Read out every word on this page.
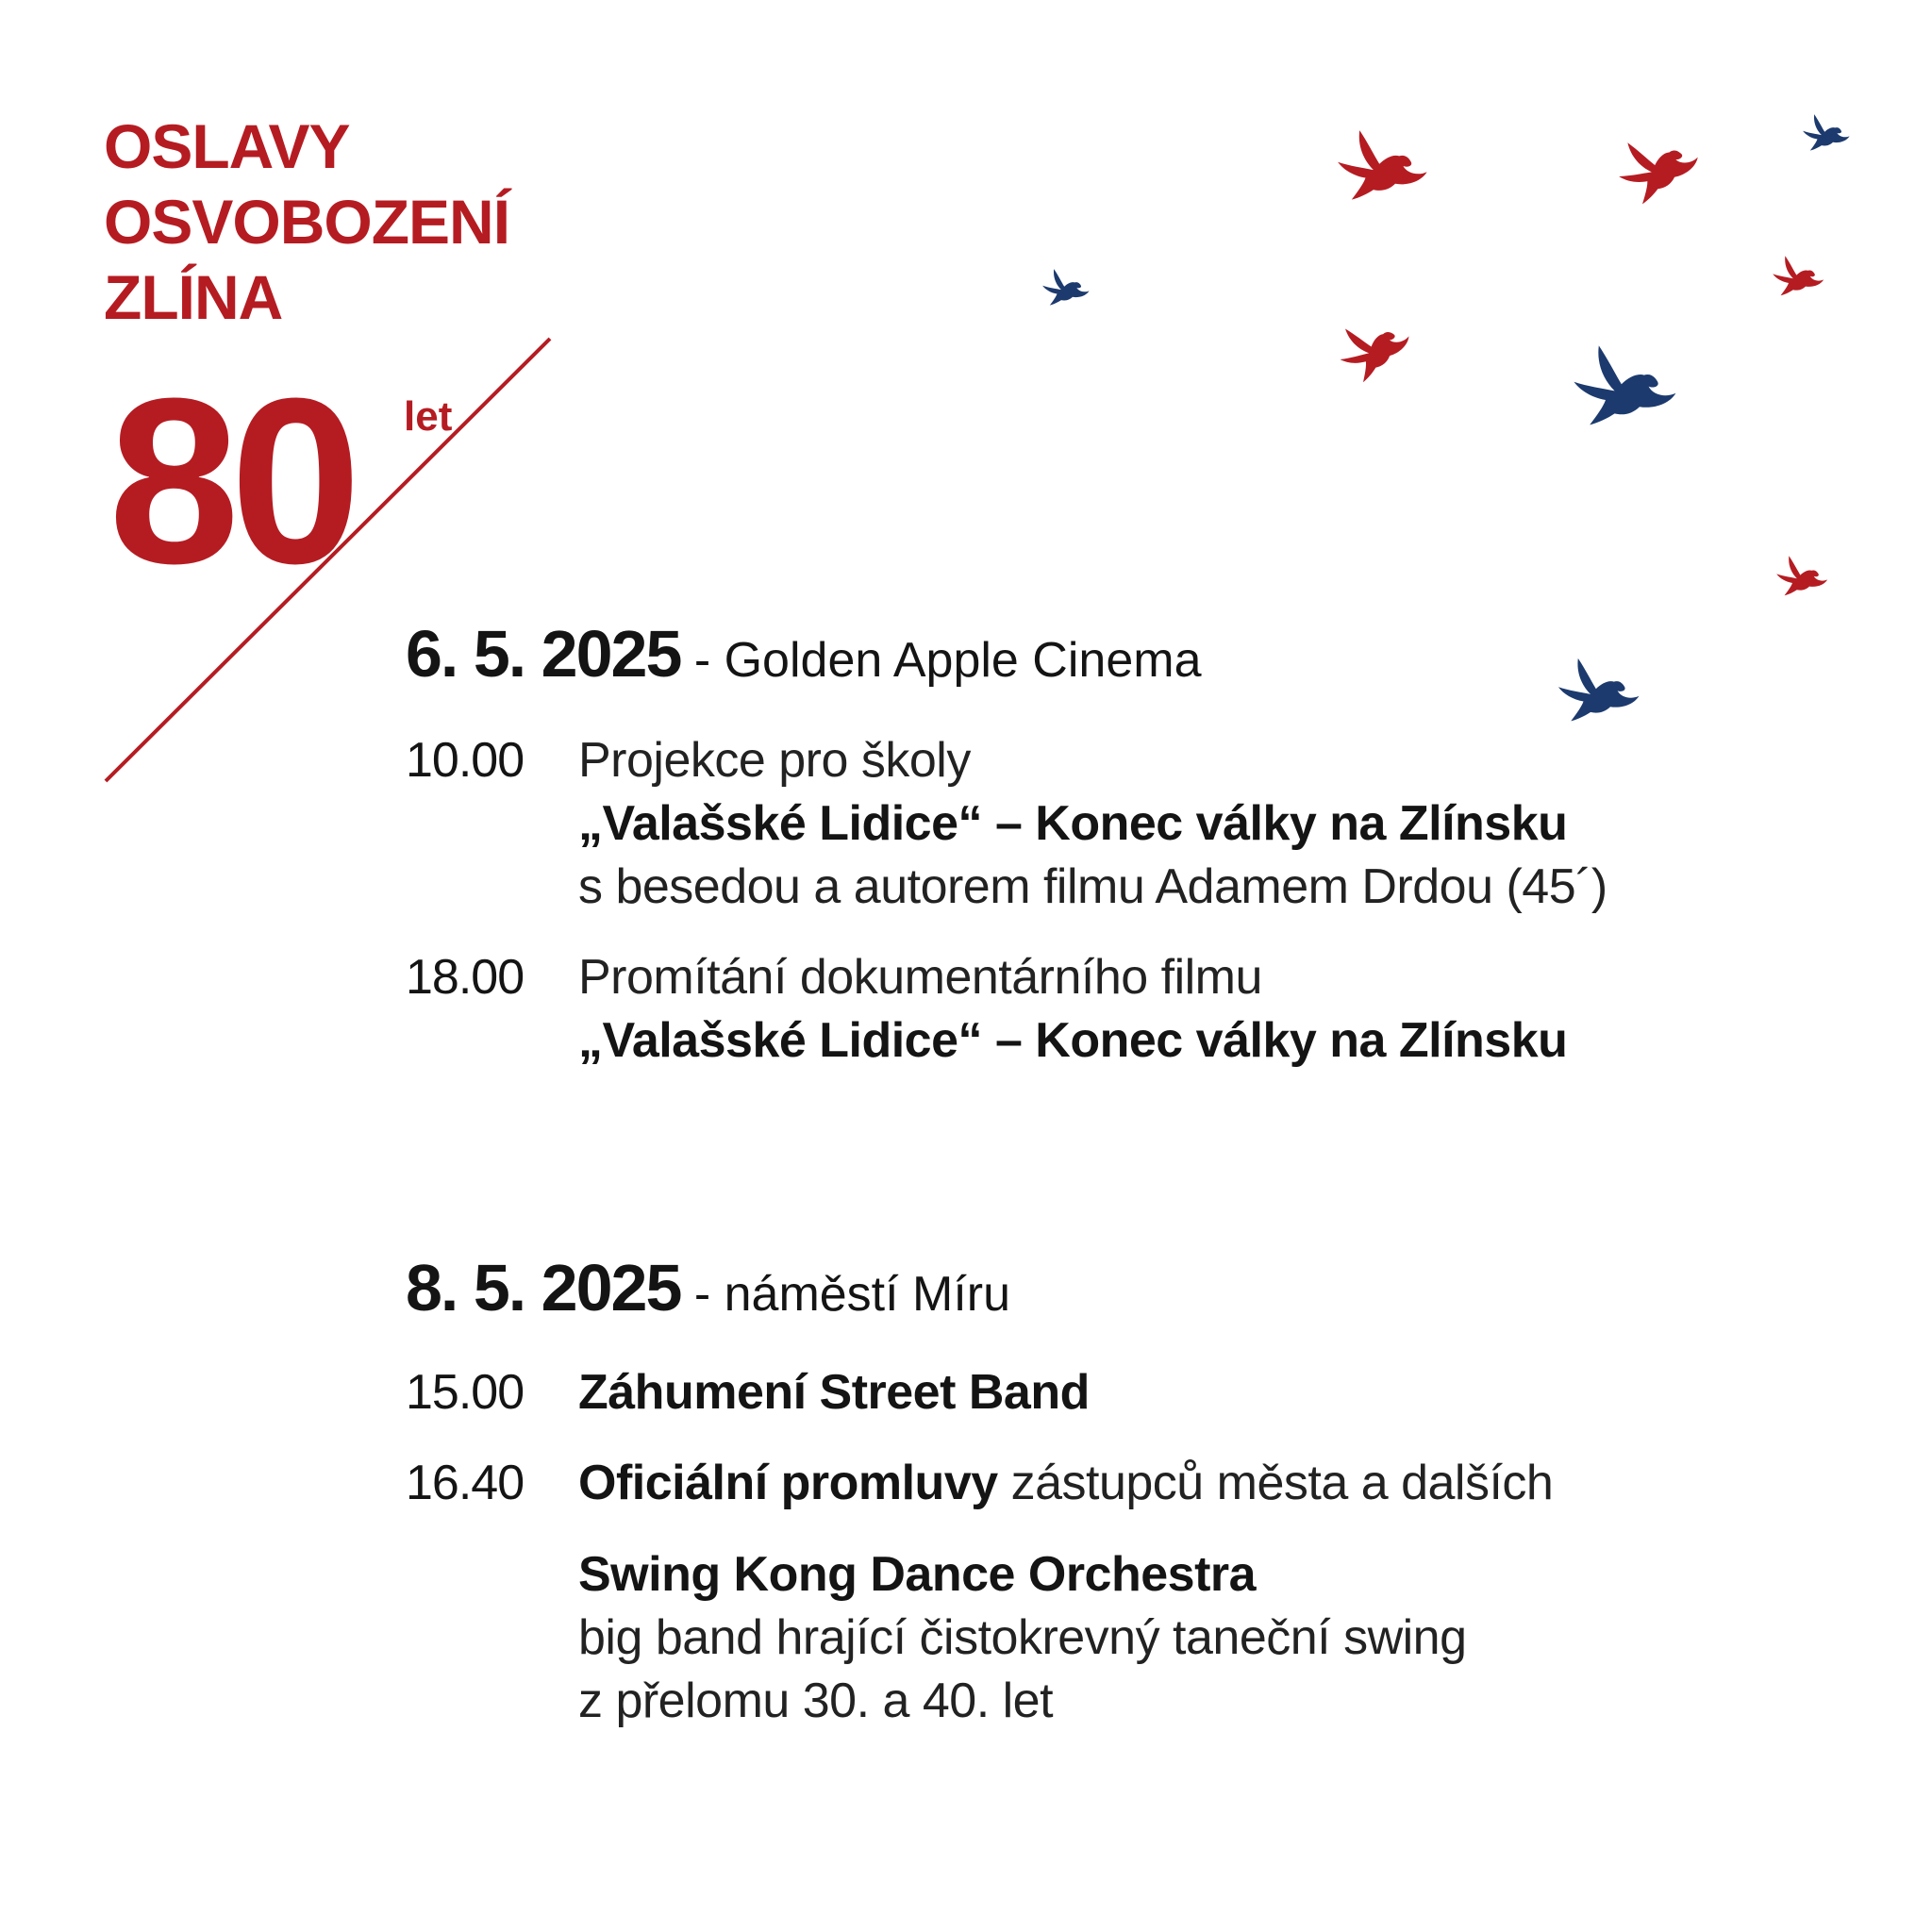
OSLAVY
OSVOBOZENÍ
ZLÍNA
80 let
6. 5. 2025 - Golden Apple Cinema
10.00 Projekce pro školy
„Valašské Lidice“ – Konec války na Zlínsku
s besedou a autorem filmu Adamem Drdou (45´)
18.00 Promítání dokumentárního filmu
„Valašské Lidice“ – Konec války na Zlínsku
8. 5. 2025 - náměstí Míru
15.00 Záhumení Street Band
16.40 Oficiální promluvy zástupců města a dalších
Swing Kong Dance Orchestra
big band hrající čistokrevný taneční swing
z přelomu 30. a 40. let
